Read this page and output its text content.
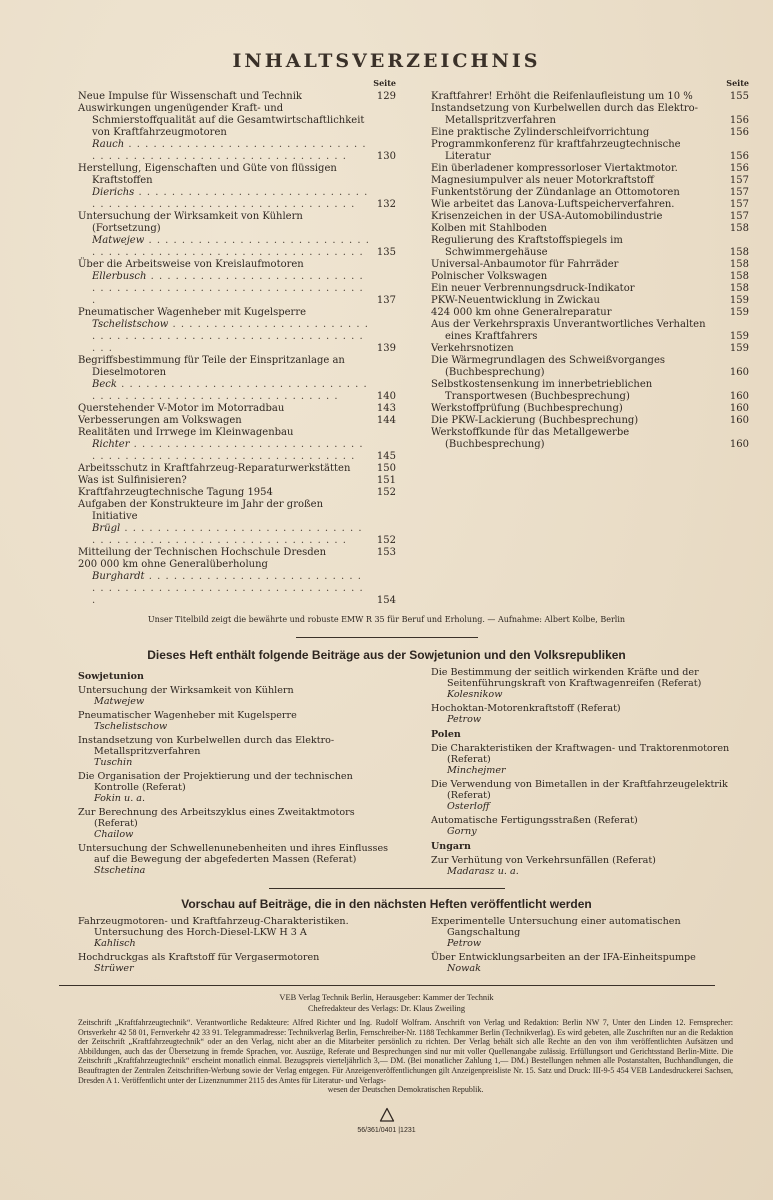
INHALTSVERZEICHNIS
Seite
Neue Impulse für Wissenschaft und Technik	129
Auswirkungen ungenügender Kraft- und Schmierstoffqualität auf die Gesamtwirtschaftlichkeit von Kraftfahrzeugmotoren
Rauch . . . . . . . . . . . . . . . . . . . . . . . . . . . . . . . . . . . . . . . . . . . . . . . . . . . . . . . . . . . .	130
Herstellung, Eigenschaften und Güte von flüssigen Kraftstoffen
Dierichs . . . . . . . . . . . . . . . . . . . . . . . . . . . . . . . . . . . . . . . . . . . . . . . . . . . . . . . . . . . .	132
Untersuchung der Wirksamkeit von Kühlern (Fortsetzung)
Matwejew . . . . . . . . . . . . . . . . . . . . . . . . . . . . . . . . . . . . . . . . . . . . . . . . . . . . . . . . . . . .	135
Über die Arbeitsweise von Kreislaufmotoren
Ellerbusch . . . . . . . . . . . . . . . . . . . . . . . . . . . . . . . . . . . . . . . . . . . . . . . . . . . . . . . . . . . .	137
Pneumatischer Wagenheber mit Kugelsperre
Tschelistschow . . . . . . . . . . . . . . . . . . . . . . . . . . . . . . . . . . . . . . . . . . . . . . . . . . . . . . . . . . . .	139
Begriffsbestimmung für Teile der Einspritzanlage an Dieselmotoren
Beck . . . . . . . . . . . . . . . . . . . . . . . . . . . . . . . . . . . . . . . . . . . . . . . . . . . . . . . . . . . .	140
Querstehender V-Motor im Motorradbau	143
Verbesserungen am Volkswagen	144
Realitäten und Irrwege im Kleinwagenbau
Richter . . . . . . . . . . . . . . . . . . . . . . . . . . . . . . . . . . . . . . . . . . . . . . . . . . . . . . . . . . . .	145
Arbeitsschutz in Kraftfahrzeug-Reparaturwerkstätten	150
Was ist Sulfinisieren?	151
Kraftfahrzeugtechnische Tagung 1954	152
Aufgaben der Konstrukteure im Jahr der großen Initiative
Brügl . . . . . . . . . . . . . . . . . . . . . . . . . . . . . . . . . . . . . . . . . . . . . . . . . . . . . . . . . . . .	152
Mitteilung der Technischen Hochschule Dresden	153
200 000 km ohne Generalüberholung
Burghardt . . . . . . . . . . . . . . . . . . . . . . . . . . . . . . . . . . . . . . . . . . . . . . . . . . . . . . . . . . . .	154
Seite
Kraftfahrer! Erhöht die Reifenlaufleistung um 10 %	155
Instandsetzung von Kurbelwellen durch das Elektro-Metallspritzverfahren	156
Eine praktische Zylinderschleifvorrichtung	156
Programmkonferenz für kraftfahrzeugtechnische Literatur	156
Ein überladener kompressorloser Viertaktmotor.	156
Magnesiumpulver als neuer Motorkraftstoff	157
Funkentstörung der Zündanlage an Ottomotoren	157
Wie arbeitet das Lanova-Luftspeicherverfahren.	157
Krisenzeichen in der USA-Automobilindustrie	157
Kolben mit Stahlboden	158
Regulierung des Kraftstoffspiegels im Schwimmergehäuse	158
Universal-Anbaumotor für Fahrräder	158
Polnischer Volkswagen	158
Ein neuer Verbrennungsdruck-Indikator	158
PKW-Neuentwicklung in Zwickau	159
424 000 km ohne Generalreparatur	159
Aus der Verkehrspraxis Unverantwortliches Verhalten eines Kraftfahrers	159
Verkehrsnotizen	159
Die Wärmegrundlagen des Schweißvorganges (Buchbesprechung)	160
Selbstkostensenkung im innerbetrieblichen Transportwesen (Buchbesprechung)	160
Werkstoffprüfung (Buchbesprechung)	160
Die PKW-Lackierung (Buchbesprechung)	160
Werkstoffkunde für das Metallgewerbe (Buchbesprechung)	160
Unser Titelbild zeigt die bewährte und robuste EMW R 35 für Beruf und Erholung. — Aufnahme: Albert Kolbe, Berlin
Dieses Heft enthält folgende Beiträge aus der Sowjetunion und den Volksrepubliken
Sowjetunion
Untersuchung der Wirksamkeit von Kühlern
Matwejew
Pneumatischer Wagenheber mit Kugelsperre
Tschelistschow
Instandsetzung von Kurbelwellen durch das Elektro-Metallspritzverfahren
Tuschin
Die Organisation der Projektierung und der technischen Kontrolle (Referat)
Fokin u. a.
Zur Berechnung des Arbeitszyklus eines Zweitaktmotors (Referat)
Chailow
Untersuchung der Schwellenunebenheiten und ihres Einflusses auf die Bewegung der abgefederten Massen (Referat)
Stschetina
Die Bestimmung der seitlich wirkenden Kräfte und der Seitenführungskraft von Kraftwagenreifen (Referat)
Kolesnikow
Hochoktan-Motorenkraftstoff (Referat)
Petrow
Polen
Die Charakteristiken der Kraftwagen- und Traktorenmotoren (Referat)
Minchejmer
Die Verwendung von Bimetallen in der Kraftfahrzeugelektrik (Referat)
Osterloff
Automatische Fertigungsstraßen (Referat)
Gorny
Ungarn
Zur Verhütung von Verkehrsunfällen (Referat)
Madarasz u. a.
Vorschau auf Beiträge, die in den nächsten Heften veröffentlicht werden
Fahrzeugmotoren- und Kraftfahrzeug-Charakteristiken. Untersuchung des Horch-Diesel-LKW H 3 A
Kahlisch
Hochdruckgas als Kraftstoff für Vergasermotoren
Strüwer
Experimentelle Untersuchung einer automatischen Gangschaltung
Petrow
Über Entwicklungsarbeiten an der IFA-Einheitspumpe
Nowak
VEB Verlag Technik Berlin, Herausgeber: Kammer der Technik
Chefredakteur des Verlags: Dr. Klaus Zweiling
Zeitschrift „Kraftfahrzeugtechnik“. Verantwortliche Redakteure: Alfred Richter und Ing. Rudolf Wolfram. Anschrift von Verlag und Redaktion: Berlin NW 7, Unter den Linden 12. Fernsprecher: Ortsverkehr 42 58 01, Fernverkehr 42 33 91. Telegrammadresse: Technikverlag Berlin, Fernschreiber-Nr. 1188 Techkammer Berlin (Technikverlag). Es wird gebeten, alle Zuschriften nur an die Redaktion der Zeitschrift „Kraftfahrzeugtechnik“ oder an den Verlag, nicht aber an die Mitarbeiter persönlich zu richten. Der Verlag behält sich alle Rechte an den von ihm veröffentlichten Aufsätzen und Abbildungen, auch das der Übersetzung in fremde Sprachen, vor. Auszüge, Referate und Besprechungen sind nur mit voller Quellenangabe zulässig. Erfüllungsort und Gerichtsstand Berlin-Mitte. Die Zeitschrift „Kraftfahrzeugtechnik“ erscheint monatlich einmal. Bezugspreis vierteljährlich 3,— DM. (Bei monatlicher Zahlung 1,— DM.) Bestellungen nehmen alle Postanstalten, Buchhandlungen, die Beauftragten der Zentralen Zeitschriften-Werbung sowie der Verlag entgegen. Für Anzeigenveröffentlichungen gilt Anzeigenpreisliste Nr. 15. Satz und Druck: III-9-5 454 VEB Landesdruckerei Sachsen, Dresden A 1. Veröffentlicht unter der Lizenznummer 2115 des Amtes für Literatur- und Verlags-
wesen der Deutschen Demokratischen Republik.
56/361/0401 |1231
